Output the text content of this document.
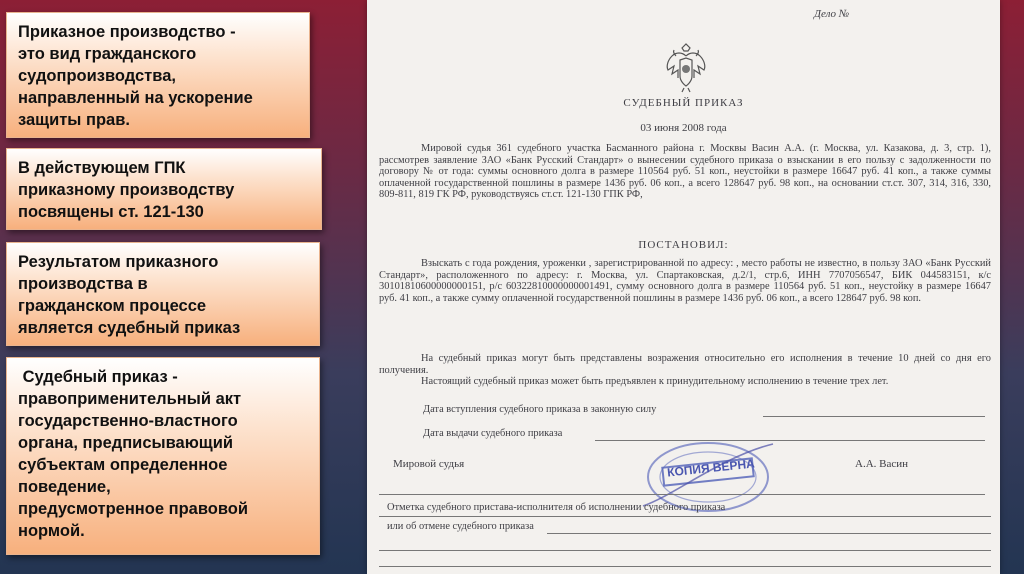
Приказное производство -
это вид гражданского
судопроизводства,
направленный на ускорение
защиты прав.
В действующем ГПК
приказному производству
посвящены ст. 121-130
Результатом приказного
производства в
гражданском процессе
является судебный приказ
Судебный приказ -
правоприменительный акт
государственно-властного
органа, предписывающий
субъектам определенное
поведение,
предусмотренное правовой
нормой.
Дело №
СУДЕБНЫЙ ПРИКАЗ
03 июня 2008 года

Мировой судья 361 судебного участка Басманного района г. Москвы Васин А.А. (г. Москва, ул. Казакова, д. 3, стр. 1), рассмотрев заявление ЗАО «Банк Русский Стандарт» о вынесении судебного приказа о взыскании в его пользу с задолженности по договору № от года: суммы основного долга в размере 110564 руб. 51 коп., неустойки в размере 16647 руб. 41 коп., а также суммы оплаченной государственной пошлины в размере 1436 руб. 06 коп., а всего 128647 руб. 98 коп., на основании ст.ст. 307, 314, 316, 330, 809-811, 819 ГК РФ, руководствуясь ст.ст. 121-130 ГПК РФ,

ПОСТАНОВИЛ:

Взыскать с года рождения, уроженки , зарегистрированной по адресу: , место работы не известно, в пользу ЗАО «Банк Русский Стандарт», расположенного по адресу: г. Москва, ул. Спартаковская, д.2/1, стр.6, ИНН 7707056547, БИК 044583151, к/с 30101810600000000151, р/с 60322810000000001491, сумму основного долга в размере 110564 руб. 51 коп., неустойку в размере 16647 руб. 41 коп., а также сумму оплаченной государственной пошлины в размере 1436 руб. 06 коп., а всего 128647 руб. 98 коп.

На судебный приказ могут быть представлены возражения относительно его исполнения в течение 10 дней со дня его получения.

Настоящий судебный приказ может быть предъявлен к принудительному исполнению в течение трех лет.

Дата вступления судебного приказа в законную силу
Дата выдачи судебного приказа
КОПИЯ ВЕРНА
Мировой судья	А.А. Васин
Отметка судебного пристава-исполнителя об исполнении судебного приказа
или об отмене судебного приказа
